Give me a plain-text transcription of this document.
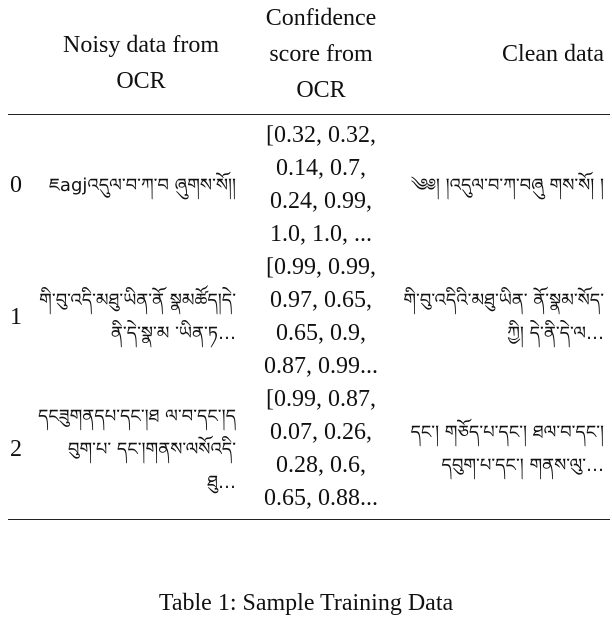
	Noisy data from OCR	Confidence score from OCR	Clean data
0	ཇagjའདུལ་བ་ཀ་བ ཞུགས་སོ།།	[0.32, 0.32,
0.14, 0.7,
0.24, 0.99,
1.0, 1.0, ...	༄༅། །འདུལ་བ་ཀ་བཞུ གས་སོ། །
1	གི་བུ་འདི་མཐུ་ཡིན་ནོ སྣམཚོད།དེ་ནི་དེ་སྣ་མ ་ཡིན་ཏ…	[0.99, 0.99,
0.97, 0.65,
0.65, 0.9,
0.87, 0.99...	གི་བུ་འདིའི་མཐུ་ཡིན་ ནོ་སྣམ་སོད་ཀྱི། དེ་ནི་དེ་ལ…
2	དངཟུགནདཔ་དང་།ཐ ལ་བ་དང་།དབུག་པ་ དང་།གནས་ལསོའདི་ ཐུ…	[0.99, 0.87,
0.07, 0.26,
0.28, 0.6,
0.65, 0.88...	དང་། གཅོད་པ་དང་། ཐལ་བ་དང་། དབུག་པ་དང་། གནས་ལུ་…
Table 1: Sample Training Data
